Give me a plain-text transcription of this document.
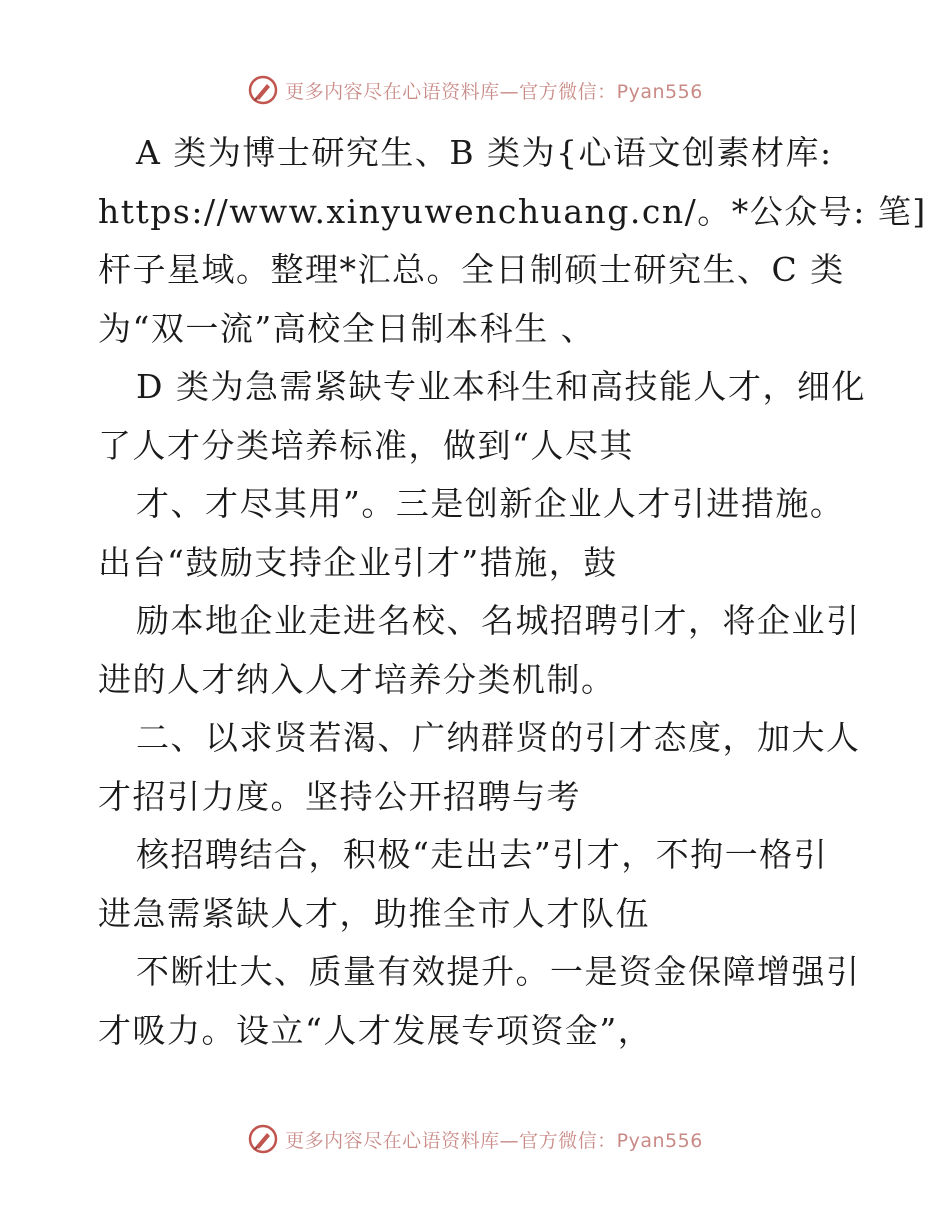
更多内容尽在心语资料库—官方微信：Pyan556
A 类为博士研究生、B 类为{心语文创素材库:
https://www.xinyuwenchuang.cn/。*公众号: 笔]
杆子星域。整理*汇总。全日制硕士研究生、C 类
为“双一流”高校全日制本科生 、
D 类为急需紧缺专业本科生和高技能人才，细化
了人才分类培养标准，做到“人尽其
才、才尽其用”。三是创新企业人才引进措施。
出台“鼓励支持企业引才”措施，鼓
励本地企业走进名校、名城招聘引才，将企业引
进的人才纳入人才培养分类机制。
二、以求贤若渴、广纳群贤的引才态度，加大人
才招引力度。坚持公开招聘与考
核招聘结合，积极“走出去”引才，不拘一格引
进急需紧缺人才，助推全市人才队伍
不断壮大、质量有效提升。一是资金保障增强引
才吸力。设立“人才发展专项资金”，
更多内容尽在心语资料库—官方微信：Pyan556
